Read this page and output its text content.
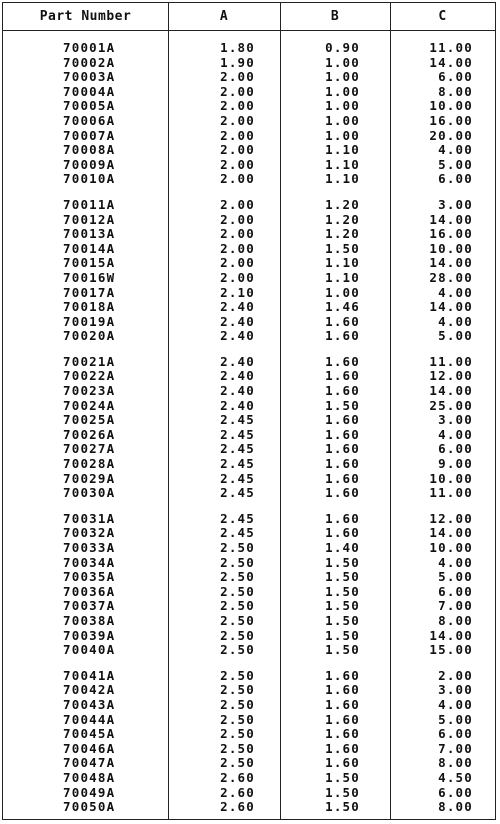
Part Number	A	B	C
70001A	1.80	0.90	11.00
70002A	1.90	1.00	14.00
70003A	2.00	1.00	6.00
70004A	2.00	1.00	8.00
70005A	2.00	1.00	10.00
70006A	2.00	1.00	16.00
70007A	2.00	1.00	20.00
70008A	2.00	1.10	4.00
70009A	2.00	1.10	5.00
70010A	2.00	1.10	6.00
70011A	2.00	1.20	3.00
70012A	2.00	1.20	14.00
70013A	2.00	1.20	16.00
70014A	2.00	1.50	10.00
70015A	2.00	1.10	14.00
70016W	2.00	1.10	28.00
70017A	2.10	1.00	4.00
70018A	2.40	1.46	14.00
70019A	2.40	1.60	4.00
70020A	2.40	1.60	5.00
70021A	2.40	1.60	11.00
70022A	2.40	1.60	12.00
70023A	2.40	1.60	14.00
70024A	2.40	1.50	25.00
70025A	2.45	1.60	3.00
70026A	2.45	1.60	4.00
70027A	2.45	1.60	6.00
70028A	2.45	1.60	9.00
70029A	2.45	1.60	10.00
70030A	2.45	1.60	11.00
70031A	2.45	1.60	12.00
70032A	2.45	1.60	14.00
70033A	2.50	1.40	10.00
70034A	2.50	1.50	4.00
70035A	2.50	1.50	5.00
70036A	2.50	1.50	6.00
70037A	2.50	1.50	7.00
70038A	2.50	1.50	8.00
70039A	2.50	1.50	14.00
70040A	2.50	1.50	15.00
70041A	2.50	1.60	2.00
70042A	2.50	1.60	3.00
70043A	2.50	1.60	4.00
70044A	2.50	1.60	5.00
70045A	2.50	1.60	6.00
70046A	2.50	1.60	7.00
70047A	2.50	1.60	8.00
70048A	2.60	1.50	4.50
70049A	2.60	1.50	6.00
70050A	2.60	1.50	8.00
